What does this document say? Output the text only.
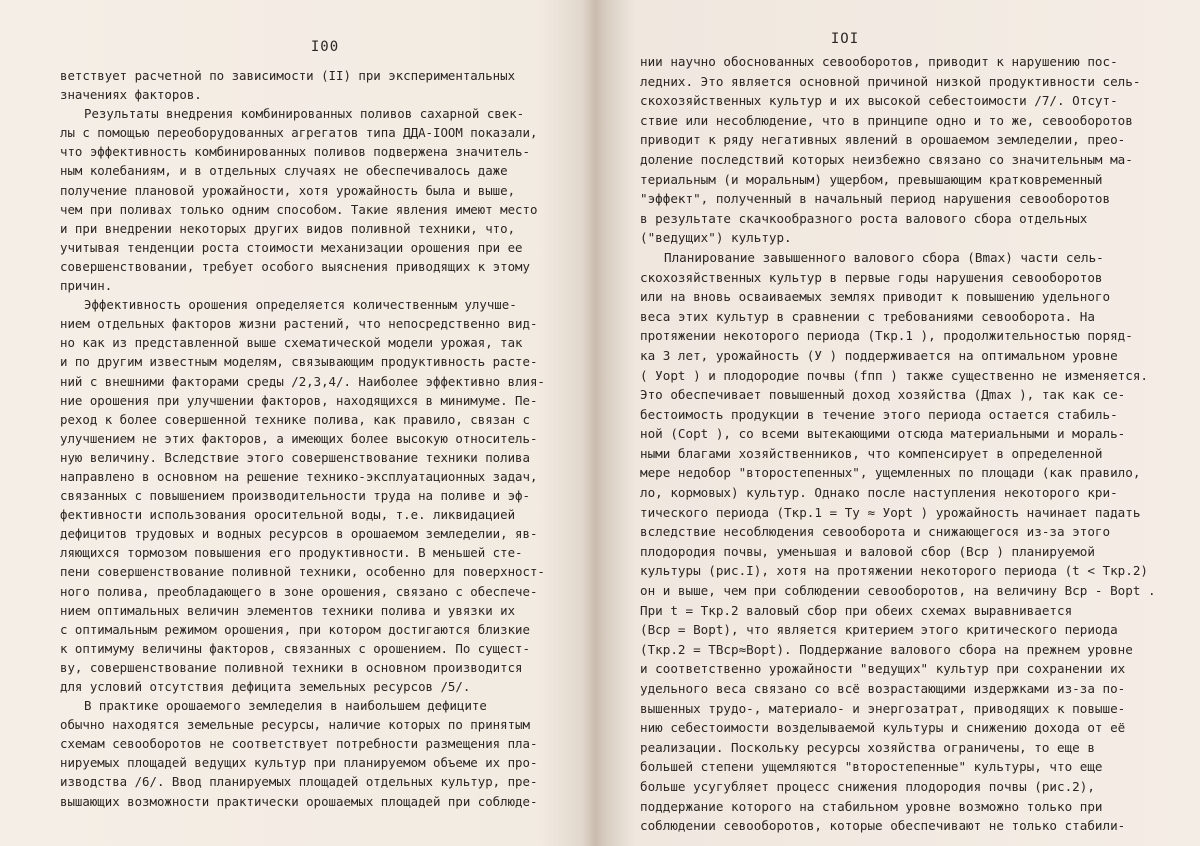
I00
ветствует расчетной по зависимости (II) при экспериментальных
значениях факторов.
Результаты внедрения комбинированных поливов сахарной свек-
лы с помощью переоборудованных агрегатов типа ДДА-IOOM показали,
что эффективность комбинированных поливов подвержена значитель-
ным колебаниям, и в отдельных случаях не обеспечивалось даже
получение плановой урожайности, хотя урожайность была и выше,
чем при поливах только одним способом. Такие явления имеют место
и при внедрении некоторых других видов поливной техники, что,
учитывая тенденции роста стоимости механизации орошения при ее
совершенствовании, требует особого выяснения приводящих к этому
причин.
Эффективность орошения определяется количественным улучше-
нием отдельных факторов жизни растений, что непосредственно вид-
но как из представленной выше схематической модели урожая, так
и по другим известным моделям, связывающим продуктивность расте-
ний с внешними факторами среды /2,3,4/. Наиболее эффективно влия-
ние орошения при улучшении факторов, находящихся в минимуме. Пе-
реход к более совершенной технике полива, как правило, связан с
улучшением не этих факторов, а имеющих более высокую относитель-
ную величину. Вследствие этого совершенствование техники полива
направлено в основном на решение технико-эксплуатационных задач,
связанных с повышением производительности труда на поливе и эф-
фективности использования оросительной воды, т.е. ликвидацией
дефицитов трудовых и водных ресурсов в орошаемом земледелии, яв-
ляющихся тормозом повышения его продуктивности. В меньшей сте-
пени совершенствование поливной техники, особенно для поверхност-
ного полива, преобладающего в зоне орошения, связано с обеспече-
нием оптимальных величин элементов техники полива и увязки их
с оптимальным режимом орошения, при котором достигаются близкие
к оптимуму величины факторов, связанных с орошением. По сущест-
ву, совершенствование поливной техники в основном производится
для условий отсутствия дефицита земельных ресурсов /5/.
В практике орошаемого земледелия в наибольшем дефиците
обычно находятся земельные ресурсы, наличие которых по принятым
схемам севооборотов не соответствует потребности размещения пла-
нируемых площадей ведущих культур при планируемом объеме их про-
изводства /6/. Ввод планируемых площадей отдельных культур, пре-
вышающих возможности практически орошаемых площадей при соблюде-
IOI
нии научно обоснованных севооборотов, приводит к нарушению пос-
ледних. Это является основной причиной низкой продуктивности сель-
скохозяйственных культур и их высокой себестоимости /7/. Отсут-
ствие или несоблюдение, что в принципе одно и то же, севооборотов
приводит к ряду негативных явлений в орошаемом земледелии, прео-
доление последствий которых неизбежно связано со значительным ма-
териальным (и моральным) ущербом, превышающим кратковременный
"эффект", полученный в начальный период нарушения севооборотов
в результате скачкообразного роста валового сбора отдельных
("ведущих") культур.
Планирование завышенного валового сбора (Bmax) части сель-
скохозяйственных культур в первые годы нарушения севооборотов
или на вновь осваиваемых землях приводит к повышению удельного
веса этих культур в сравнении с требованиями севооборота. На
протяжении некоторого периода (Tкр.1 ), продолжительностью поряд-
ка 3 лет, урожайность (У ) поддерживается на оптимальном уровне
( Уopt ) и плодородие почвы (fпп ) также существенно не изменяется.
Это обеспечивает повышенный доход хозяйства (Дmax ), так как се-
бестоимость продукции в течение этого периода остается стабиль-
ной (Copt ), со всеми вытекающими отсюда материальными и мораль-
ными благами хозяйственников, что компенсирует в определенной
мере недобор "второстепенных", ущемленных по площади (как правило,
ло, кормовых) культур. Однако после наступления некоторого кри-
тического периода (Tкр.1 = Ту ≈ Уopt ) урожайность начинает падать
вследствие несоблюдения севооборота и снижающегося из-за этого
плодородия почвы, уменьшая и валовой сбор (Bср ) планируемой
культуры (рис.I), хотя на протяжении некоторого периода (t < Tкр.2)
он и выше, чем при соблюдении севооборотов, на величину Bср - Bopt .
При t = Tкр.2 валовый сбор при обеих схемах выравнивается
(Bср = Bopt), что является критерием этого критического периода
(Tкр.2 = TBср≈Bopt). Поддержание валового сбора на прежнем уровне
и соответственно урожайности "ведущих" культур при сохранении их
удельного веса связано со всё возрастающими издержками из-за по-
вышенных трудо-, материало- и энергозатрат, приводящих к повыше-
нию себестоимости возделываемой культуры и снижению дохода от её
реализации. Поскольку ресурсы хозяйства ограничены, то еще в
большей степени ущемляются "второстепенные" культуры, что еще
больше усугубляет процесс снижения плодородия почвы (рис.2),
поддержание которого на стабильном уровне возможно только при
соблюдении севооборотов, которые обеспечивают не только стабили-
